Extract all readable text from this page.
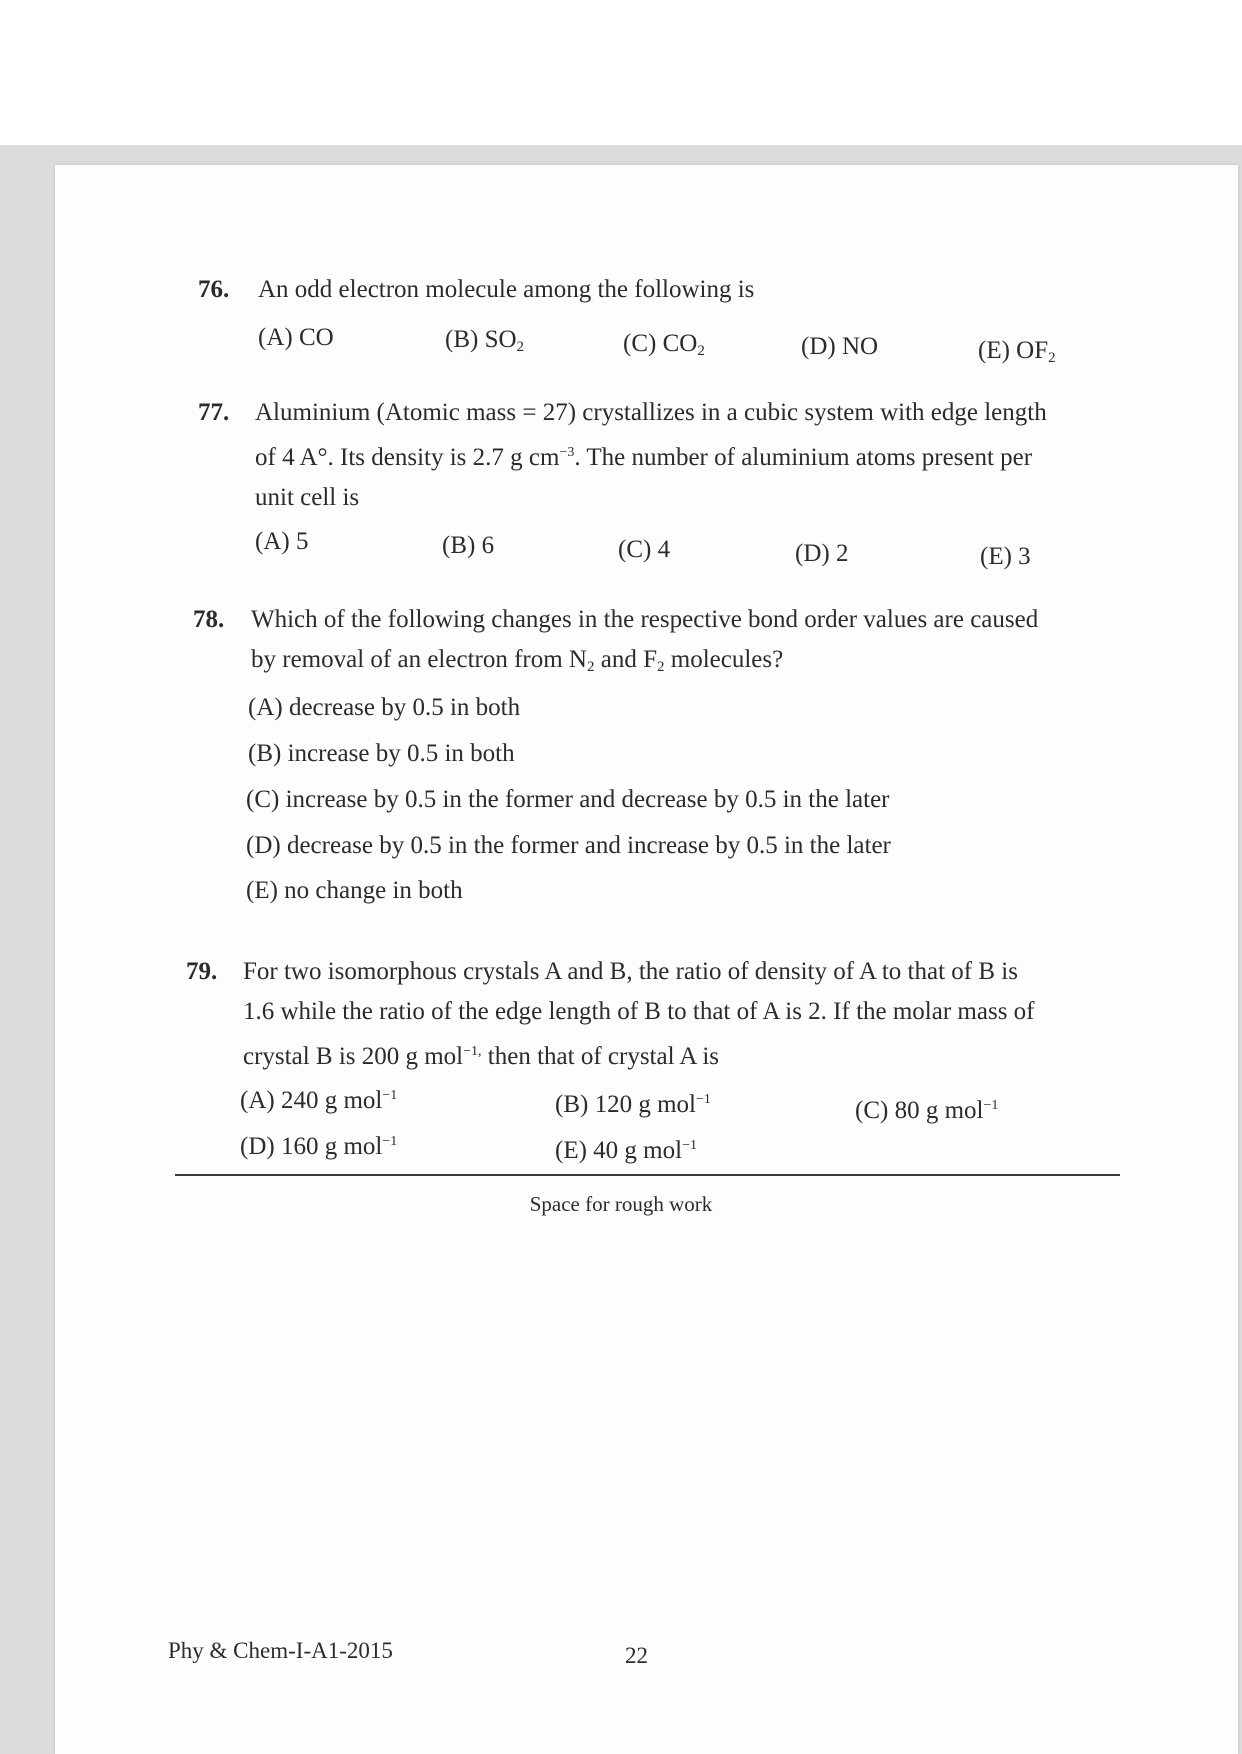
76. An odd electron molecule among the following is
(A) CO	(B) $SO_2$	(C) $CO_2$	(D) NO	(E) $OF_2$
77. Aluminium (Atomic mass = 27) crystallizes in a cubic system with edge length
of 4 A°. Its density is 2.7 g $cm^{-3}$. The number of aluminium atoms present per
unit cell is
(A) 5	(B) 6	(C) 4	(D) 2	(E) 3
78. Which of the following changes in the respective bond order values are caused
by removal of an electron from $N_2$ and $F_2$ molecules?
(A) decrease by 0.5 in both
(B) increase by 0.5 in both
(C) increase by 0.5 in the former and decrease by 0.5 in the later
(D) decrease by 0.5 in the former and increase by 0.5 in the later
(E) no change in both
79. For two isomorphous crystals A and B, the ratio of density of A to that of B is
1.6 while the ratio of the edge length of B to that of A is 2. If the molar mass of
crystal B is 200 g mol$^{-1,}$ then that of crystal A is
(A) 240 g mol$^{-1}$	(B) 120 g mol$^{-1}$	(C) 80 g mol$^{-1}$
(D) 160 g mol$^{-1}$	(E) 40 g mol$^{-1}$
Space for rough work
Phy & Chem-I-A1-2015	22
